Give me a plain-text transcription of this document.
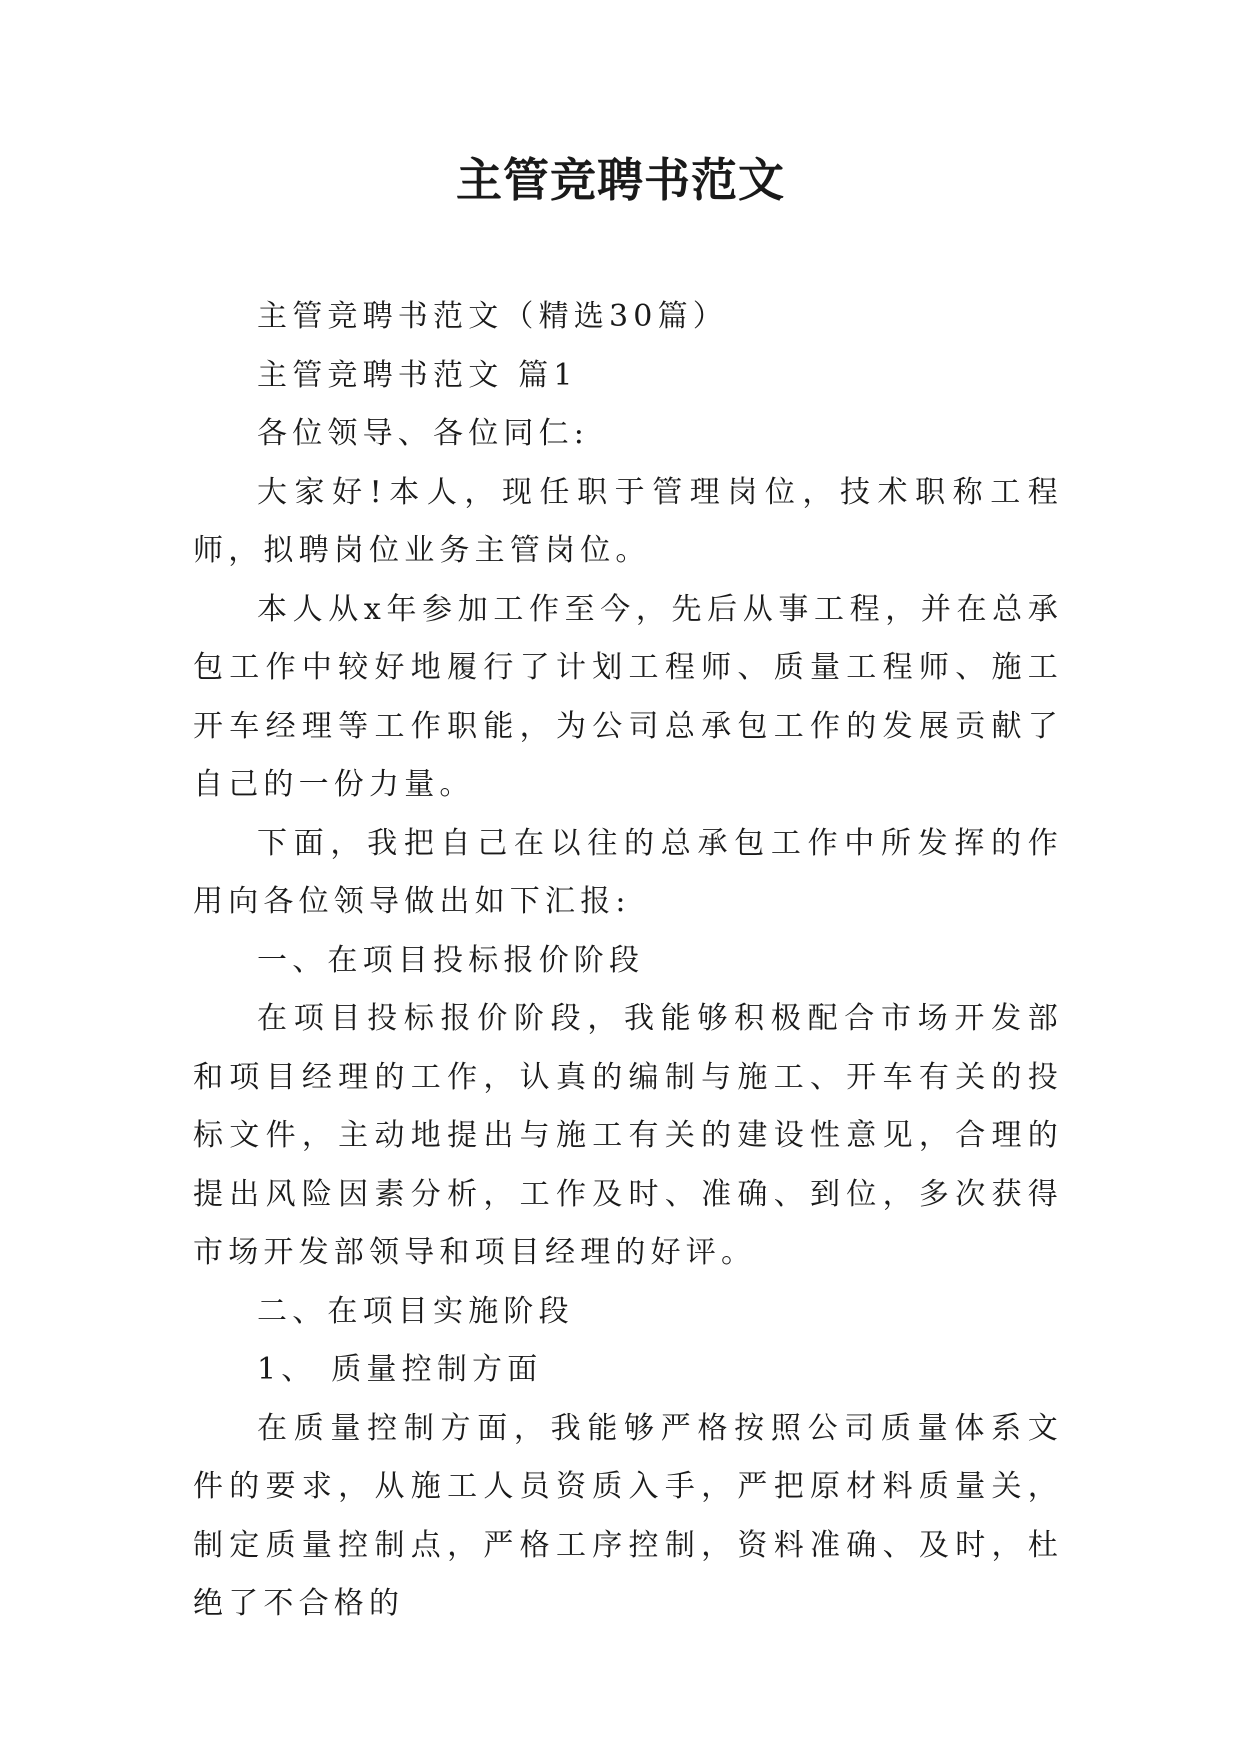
主管竞聘书范文

主管竞聘书范文（精选30篇）

主管竞聘书范文 篇1

各位领导、各位同仁:

大家好!本人，现任职于管理岗位，技术职称工程师，拟聘岗位业务主管岗位。

本人从x年参加工作至今，先后从事工程，并在总承包工作中较好地履行了计划工程师、质量工程师、施工开车经理等工作职能，为公司总承包工作的发展贡献了自己的一份力量。

下面，我把自己在以往的总承包工作中所发挥的作用向各位领导做出如下汇报:

一、在项目投标报价阶段

在项目投标报价阶段，我能够积极配合市场开发部和项目经理的工作，认真的编制与施工、开车有关的投标文件，主动地提出与施工有关的建设性意见，合理的提出风险因素分析，工作及时、准确、到位，多次获得市场开发部领导和项目经理的好评。

二、在项目实施阶段

1、 质量控制方面

在质量控制方面，我能够严格按照公司质量体系文件的要求，从施工人员资质入手，严把原材料质量关，制定质量控制点，严格工序控制，资料准确、及时，杜绝了不合格的
